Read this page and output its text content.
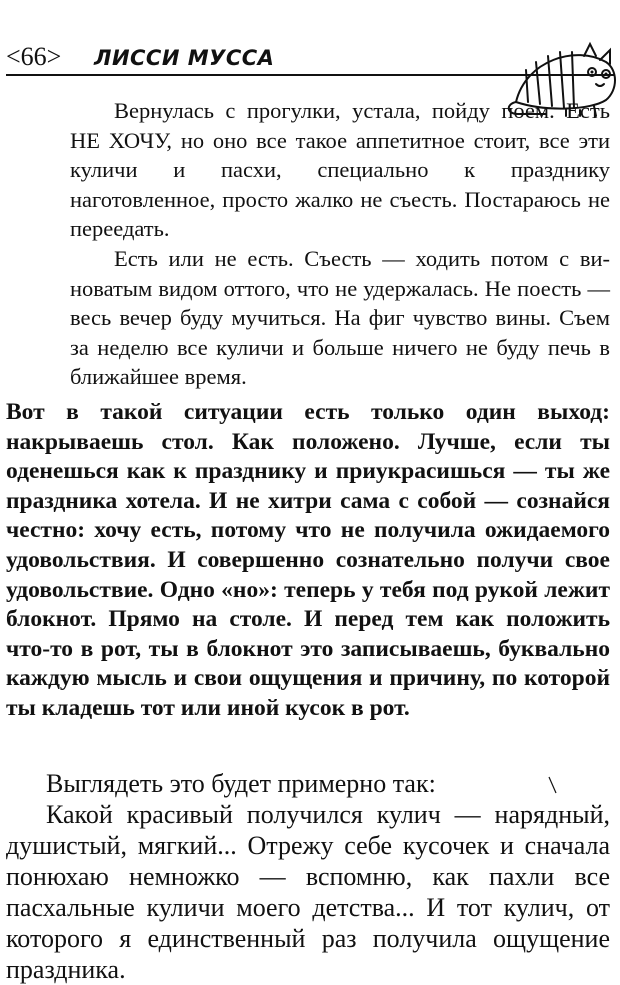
<66> ЛИССИ МУССА

Вернулась с прогулки, устала, пойду поем. Есть НЕ ХОЧУ, но оно все такое аппетитное стоит, все эти куличи и пасхи, специально к празднику наготовленное, просто жалко не съесть. Постараюсь не переедать.

Есть или не есть. Съесть — ходить потом с виноватым видом оттого, что не удержалась. Не поесть — весь вечер буду мучиться. На фиг чувство вины. Съем за неделю все куличи и больше ничего не буду печь в ближайшее время.

Вот в такой ситуации есть только один выход: накрываешь стол. Как положено. Лучше, если ты оденешься как к празднику и приукрасишься — ты же праздника хотела. И не хитри сама с собой — сознайся честно: хочу есть, потому что не получила ожидаемого удовольствия. И совершенно сознательно получи свое удовольствие. Одно «но»: теперь у тебя под рукой лежит блокнот. Прямо на столе. И перед тем как положить что-то в рот, ты в блокнот это записываешь, буквально каждую мысль и свои ощущения и причину, по которой ты кладешь тот или иной кусок в рот.

Выглядеть это будет примерно так:

Какой красивый получился кулич — нарядный, душистый, мягкий... Отрежу себе кусочек и сначала понюхаю немножко — вспомню, как пахли все пасхальные куличи моего детства... И тот кулич, от которого я единственный раз получила ощущение праздника.
